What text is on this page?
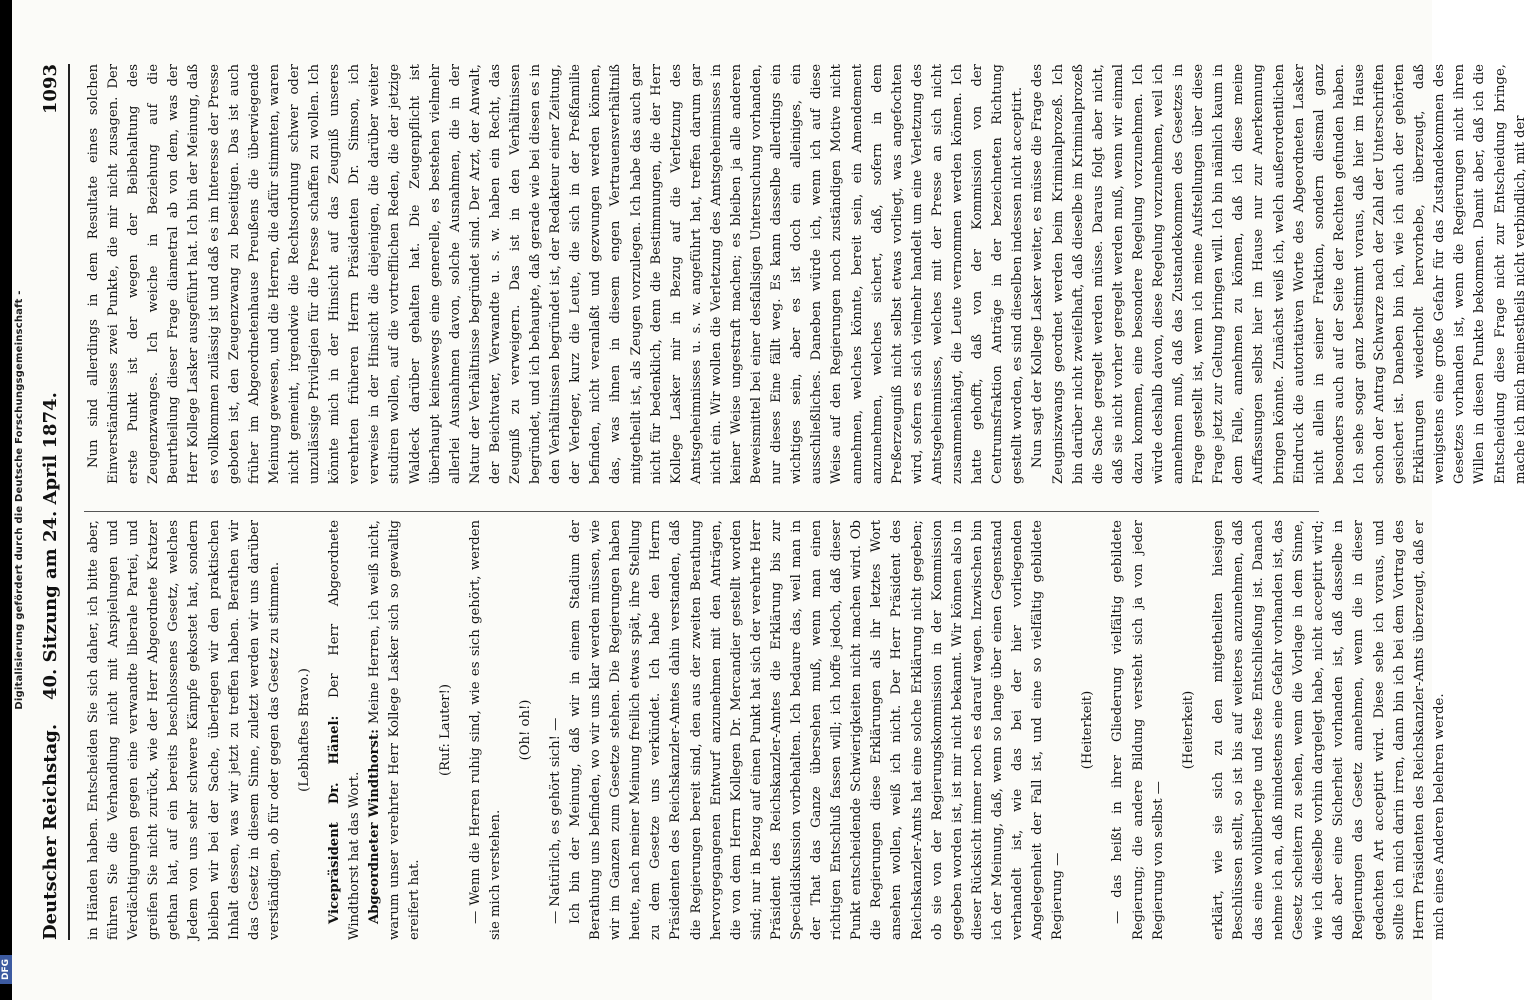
DFG
Digitalisierung gefördert durch die Deutsche Forschungsgemeinschaft -
Deutscher Reichstag.
40. Sitzung am 24. April 1874.
1093

in Händen haben. Entscheiden Sie sich daher, ich bitte aber, führen Sie die Verhandlung nicht mit Anspielungen und Verdächtigungen gegen eine verwandte liberale Partei, und greifen Sie nicht zurück, wie der Herr Abgeordnete Kratzer gethan hat, auf ein bereits beschlossenes Gesetz, welches Jedem von uns sehr schwere Kämpfe gekostet hat, sondern bleiben wir bei der Sache, überlegen wir den praktischen Inhalt dessen, was wir jetzt zu treffen haben. Berathen wir das Gesetz in diesem Sinne, zuletzt werden wir uns darüber verständigen, ob für oder gegen das Gesetz zu stimmen. (Lebhaftes Bravo.) Vicepräsident Dr. Hänel: Der Herr Abgeordnete Windthorst hat das Wort. Abgeordneter Windthorst: Meine Herren, ich weiß nicht, warum unser verehrter Herr Kollege Lasker sich so gewaltig ereifert hat.

(Ruf: Lauter!) — Wenn die Herren ruhig sind, wie es sich gehört, werden sie mich verstehen.

(Oh! oh!) — Natürlich, es gehört sich! — Ich bin der Meinung, daß wir in einem Stadium der Berathung uns befinden, wo wir uns klar werden müssen, wie wir im Ganzen zum Gesetze stehen. Die Regierungen haben heute, nach meiner Meinung freilich etwas spät, ihre Stellung zu dem Gesetze uns verkündet. Ich habe den Herrn Präsidenten des Reichskanzler-Amtes dahin verstanden, daß die Regierungen bereit sind, den aus der zweiten Berathung hervorgegangenen Entwurf anzunehmen mit den Anträgen, die von dem Herrn Kollegen Dr. Mercandier gestellt worden sind; nur in Bezug auf einen Punkt hat sich der verehrte Herr Präsident des Reichskanzler-Amtes die Erklärung bis zur Specialdiskussion vorbehalten. Ich bedaure das, weil man in der That das Ganze übersehen muß, wenn man einen richtigen Entschluß fassen will; ich hoffe jedoch, daß dieser Punkt entscheidende Schwierigkeiten nicht machen wird. Ob die Regierungen diese Erklärungen als ihr letztes Wort ansehen wollen, weiß ich nicht. Der Herr Präsident des Reichskanzler-Amts hat eine solche Erklärung nicht gegeben; ob sie von der Regierungskommission in der Kommission gegeben worden ist, ist mir nicht bekannt. Wir können also in dieser Rücksicht immer noch es darauf wagen. Inzwischen bin ich der Meinung, daß, wenn so lange über einen Gegenstand verhandelt ist, wie das bei der hier vorliegenden Angelegenheit der Fall ist, und eine so vielfältig gebildete Regierung —

(Heiterkeit) — das heißt in ihrer Gliederung vielfältig gebildete Regierung; die andere Bildung versteht sich ja von jeder Regierung von selbst —

(Heiterkeit) erklärt, wie sie sich zu den mitgetheilten hiesigen Beschlüssen stellt, so ist bis auf weiteres anzunehmen, daß das eine wohlüberlegte und feste Entschließung ist. Danach nehme ich an, daß mindestens eine Gefahr vorhanden ist, das Gesetz scheitern zu sehen, wenn die Vorlage in dem Sinne, wie ich dieselbe vorhin dargelegt habe, nicht acceptirt wird; daß aber eine Sicherheit vorhanden ist, daß dasselbe in Regierungen das Gesetz annehmen, wenn die in dieser gedachten Art acceptirt wird. Diese sehe ich voraus, und sollte ich mich darin irren, dann bin ich bei dem Vortrag des Herrn Präsidenten des Reichskanzler-Amts überzeugt, daß er mich eines Anderen belehren werde.

Nun sind allerdings in dem Resultate eines solchen Einverständnisses zwei Punkte, die mir nicht zusagen. Der erste Punkt ist der wegen der Beibehaltung des Zeugenzwanges. Ich weiche in Beziehung auf die Beurtheilung dieser Frage diametral ab von dem, was der Herr Kollege Lasker ausgeführt hat. Ich bin der Meinung, daß es vollkommen zulässig ist und daß es im Interesse der Presse geboten ist, den Zeugenzwang zu beseitigen. Das ist auch früher im Abgeordnetenhause Preußens die überwiegende Meinung gewesen, und die Herren, die dafür stimmten, waren nicht gemeint, irgendwie die Rechtsordnung schwer oder unzulässige Privilegien für die Presse schaffen zu wollen. Ich könnte mich in der Hinsicht auf das Zeugniß unseres verehrten früheren Herrn Präsidenten Dr. Simson, ich verweise in der Hinsicht die diejenigen, die darüber weiter studiren wollen, auf die vortrefflichen Reden, die der jetzige Waldeck darüber gehalten hat. Die Zeugenpflicht ist überhaupt keineswegs eine generelle, es bestehen vielmehr allerlei Ausnahmen davon, solche Ausnahmen, die in der Natur der Verhältnisse begründet sind. Der Arzt, der Anwalt, der Beichtvater, Verwandte u. s. w. haben ein Recht, das Zeugniß zu verweigern. Das ist in den Verhältnissen begründet, und ich behaupte, daß gerade wie bei diesen es in den Verhältnissen begründet ist, der Redakteur einer Zeitung, der Verleger, kurz die Leute, die sich in der Preßfamilie befinden, nicht veranlaßt und gezwungen werden können, das, was ihnen in diesem engen Vertrauensverhältniß mitgetheilt ist, als Zeugen vorzulegen. Ich habe das auch gar nicht für bedenklich, denn die Bestimmungen, die der Herr Kollege Lasker mir in Bezug auf die Verletzung des Amtsgeheimnisses u. s. w. angeführt hat, treffen darum gar nicht ein. Wir wollen die Verletzung des Amtsgeheimnisses in keiner Weise ungestraft machen; es bleiben ja alle anderen Beweismittel bei einer desfallsigen Untersuchung vorhanden, nur dieses Eine fällt weg. Es kann dasselbe allerdings ein wichtiges sein, aber es ist doch ein alleiniges, ein ausschließliches. Daneben würde ich, wenn ich auf diese Weise auf den Regierungen noch zuständigen Motive nicht annehmen, welches könnte, bereit sein, ein Amendement anzunehmen, welches sichert, daß, sofern in dem Preßerzeugniß nicht selbst etwas vorliegt, was angefochten wird, sofern es sich vielmehr handelt um eine Verletzung des Amtsgeheimnisses, welches mit der Presse an sich nicht zusammenhängt, die Leute vernommen werden können. Ich hatte gehofft, daß von der Kommission von der Centrumsfraktion Anträge in der bezeichneten Richtung gestellt worden, es sind dieselben indessen nicht acceptirt. Nun sagt der Kollege Lasker weiter, es müsse die Frage des Zeugniszwangs geordnet werden beim Kriminalprozeß. Ich bin darüber nicht zweifelhaft, daß dieselbe im Kriminalprozeß die Sache geregelt werden müsse. Daraus folgt aber nicht, daß sie nicht vorher geregelt werden muß, wenn wir einmal dazu kommen, eine besondere Regelung vorzunehmen. Ich würde deshalb davon, diese Regelung vorzunehmen, weil ich annehmen muß, daß das Zustandekommen des Gesetzes in Frage gestellt ist, wenn ich meine Aufstellungen über diese Frage jetzt zur Geltung bringen will. Ich bin nämlich kaum in dem Falle, annehmen zu können, daß ich diese meine Auffassungen selbst hier im Hause nur zur Anerkennung bringen könnte. Zunächst weiß ich, welch außerordentlichen Eindruck die autoritativen Worte des Abgeordneten Lasker nicht allein in seiner Fraktion, sondern diesmal ganz besonders auch auf der Seite der Rechten gefunden haben. Ich sehe sogar ganz bestimmt voraus, daß hier im Hause schon der Antrag Schwarze nach der Zahl der Unterschriften gesichert ist. Daneben bin ich, wie ich auch der gehörten Erklärungen wiederholt hervorhebe, überzeugt, daß wenigstens eine große Gefahr für das Zustandekommen des Gesetzes vorhanden ist, wenn die Regierungen nicht ihren Willen in diesen Punkte bekommen. Damit aber, daß ich die Entscheidung diese Frage nicht zur Entscheidung bringe, mache ich mich meinestheils nicht verbindlich, mit der
